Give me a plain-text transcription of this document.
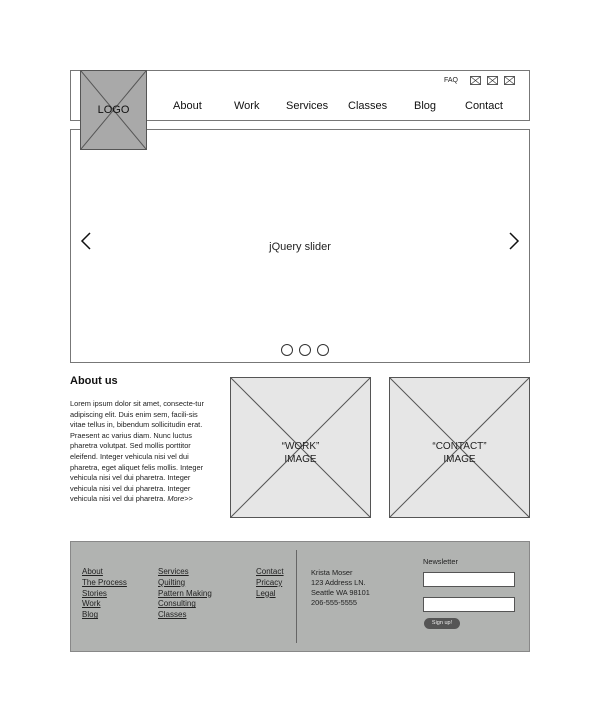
LOGO
FAQ
About	Work Services Classes Blog	Contact
jQuery slider
About us
Lorem ipsum dolor sit amet, consecte-tur adipiscing elit. Duis enim sem, facili-sis vitae tellus in, bibendum sollicitudin erat. Praesent ac varius diam. Nunc luctus pharetra volutpat. Sed mollis porttitor eleifend. Integer vehicula nisi vel dui pharetra, eget aliquet felis mollis. Integer vehicula nisi vel dui pharetra. Integer vehicula nisi vel dui pharetra. Integer vehicula nisi vel dui pharetra. More>>
“WORK”
IMAGE
“CONTACT”
IMAGE
About
The Process
Stories
Work
Blog
Services
Quilting
Pattern Making
Consulting
Classes
Contact
Pricacy
Legal
Krista Moser
123 Address LN.
Seattle WA 98101
206-555-5555
Newsletter
Sign up!
